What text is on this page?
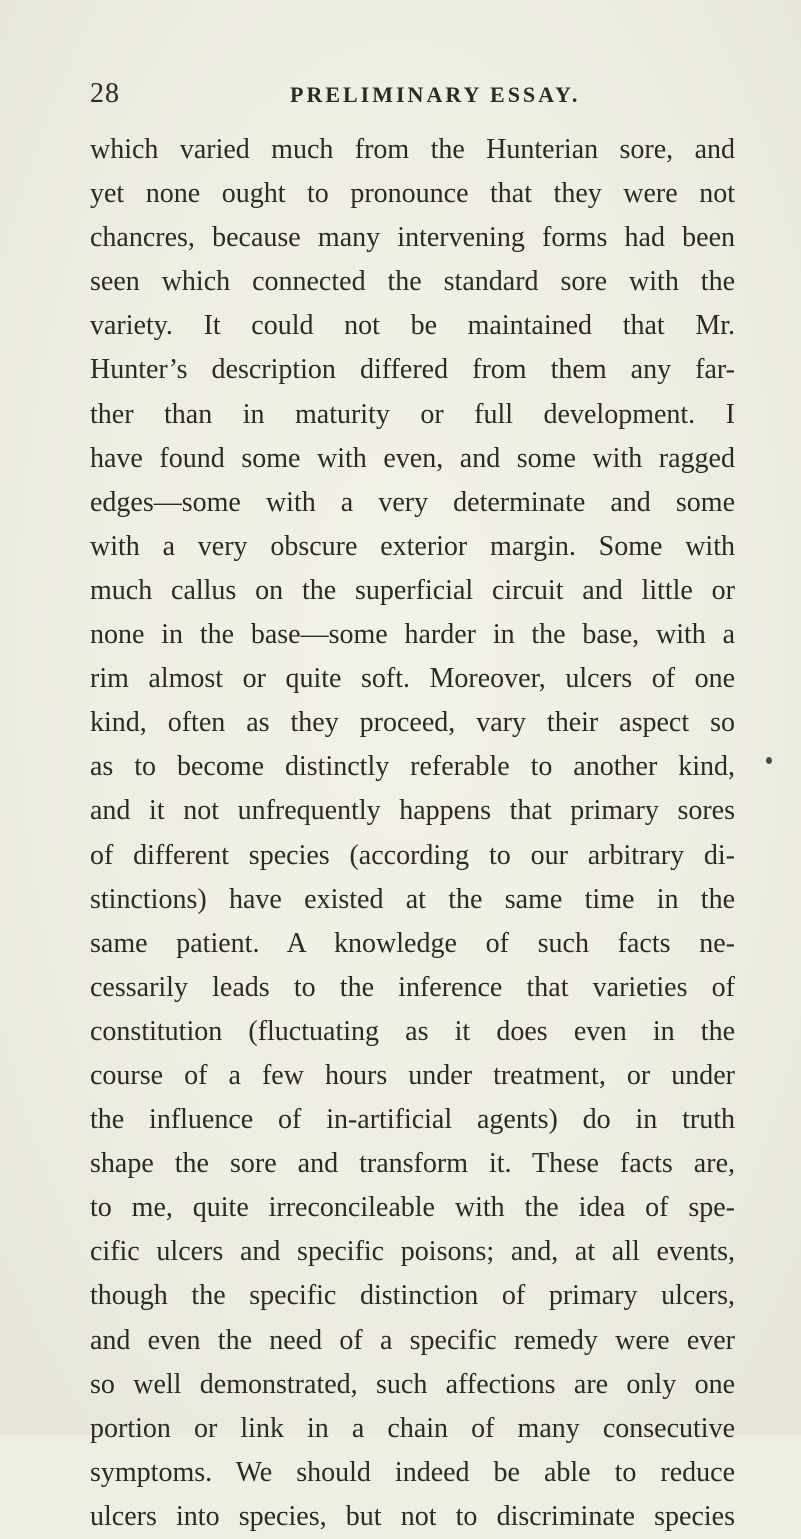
28	PRELIMINARY ESSAY.
which varied much from the Hunterian sore, and
yet none ought to pronounce that they were not
chancres, because many intervening forms had been
seen which connected the standard sore with the
variety. It could not be maintained that Mr.
Hunter’s description differed from them any far-
ther than in maturity or full development. I
have found some with even, and some with ragged
edges—some with a very determinate and some
with a very obscure exterior margin. Some with
much callus on the superficial circuit and little or
none in the base—some harder in the base, with a
rim almost or quite soft. Moreover, ulcers of one
kind, often as they proceed, vary their aspect so
as to become distinctly referable to another kind,
and it not unfrequently happens that primary sores
of different species (according to our arbitrary di-
stinctions) have existed at the same time in the
same patient. A knowledge of such facts ne-
cessarily leads to the inference that varieties of
constitution (fluctuating as it does even in the
course of a few hours under treatment, or under
the influence of in-artificial agents) do in truth
shape the sore and transform it. These facts are,
to me, quite irreconcileable with the idea of spe-
cific ulcers and specific poisons; and, at all events,
though the specific distinction of primary ulcers,
and even the need of a specific remedy were ever
so well demonstrated, such affections are only one
portion or link in a chain of many consecutive
symptoms. We should indeed be able to reduce
ulcers into species, but not to discriminate species
